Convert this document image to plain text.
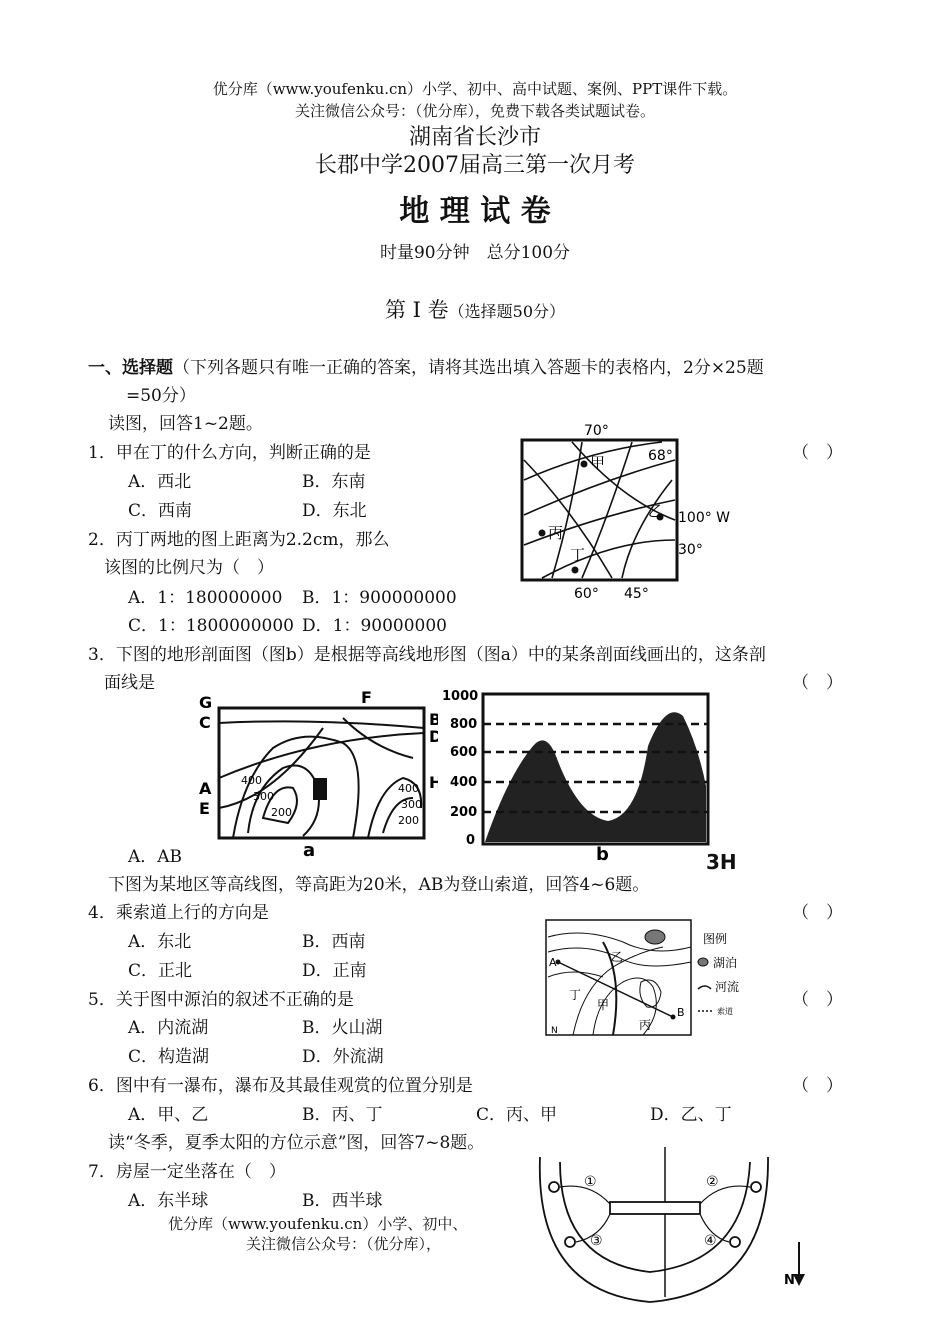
优分库（www.youfenku.cn）小学、初中、高中试题、案例、PPT课件下载。
关注微信公众号：（优分库），免费下载各类试题试卷。
湖南省长沙市
长郡中学2007届高三第一次月考
地 理 试 卷
时量90分钟　总分100分
第 I 卷（选择题50分）
一、选择题（下列各题只有唯一正确的答案，请将其选出填入答题卡的表格内，2分×25题
=50分）
读图，回答1~2题。
1．甲在丁的什么方向，判断正确的是	（　）
A．西北	B．东南
C．西南	D．东北
2．丙丁两地的图上距离为2.2cm，那么
该图的比例尺为（　）
A．1：180000000 B．1：900000000
C．1：1800000000 D．1：90000000
甲
乙
丙
丁
70°
68°
100° W
30°
60° 45°
3．下图的地形剖面图（图b）是根据等高线地形图（图a）中的某条剖面线画出的，这条剖
面线是	（　）
G
C
A
E
F
B
D
H
400
300
200
400
300
200
a
1000
800
600
400
200
0
b
A．AB	3H
下图为某地区等高线图，等高距为20米，AB为登山索道，回答4~6题。
4．乘索道上行的方向是	（　）
A．东北	B．西南
C．正北	D．正南
5．关于图中源泊的叙述不正确的是	（　）
A．内流湖	B．火山湖
C．构造湖	D．外流湖
6．图中有一瀑布，瀑布及其最佳观赏的位置分别是	（　）
A．甲、乙	B．丙、丁	C．丙、甲	D．乙、丁
A
B
乙
丁
甲
丙
N
图例
湖泊
河流
索道
读“冬季，夏季太阳的方位示意”图，回答7~8题。
7．房屋一定坐落在（　）
A．东半球	B．西半球
①	②
③	④
N
优分库（www.youfenku.cn）小学、初中、
关注微信公众号：（优分库），
